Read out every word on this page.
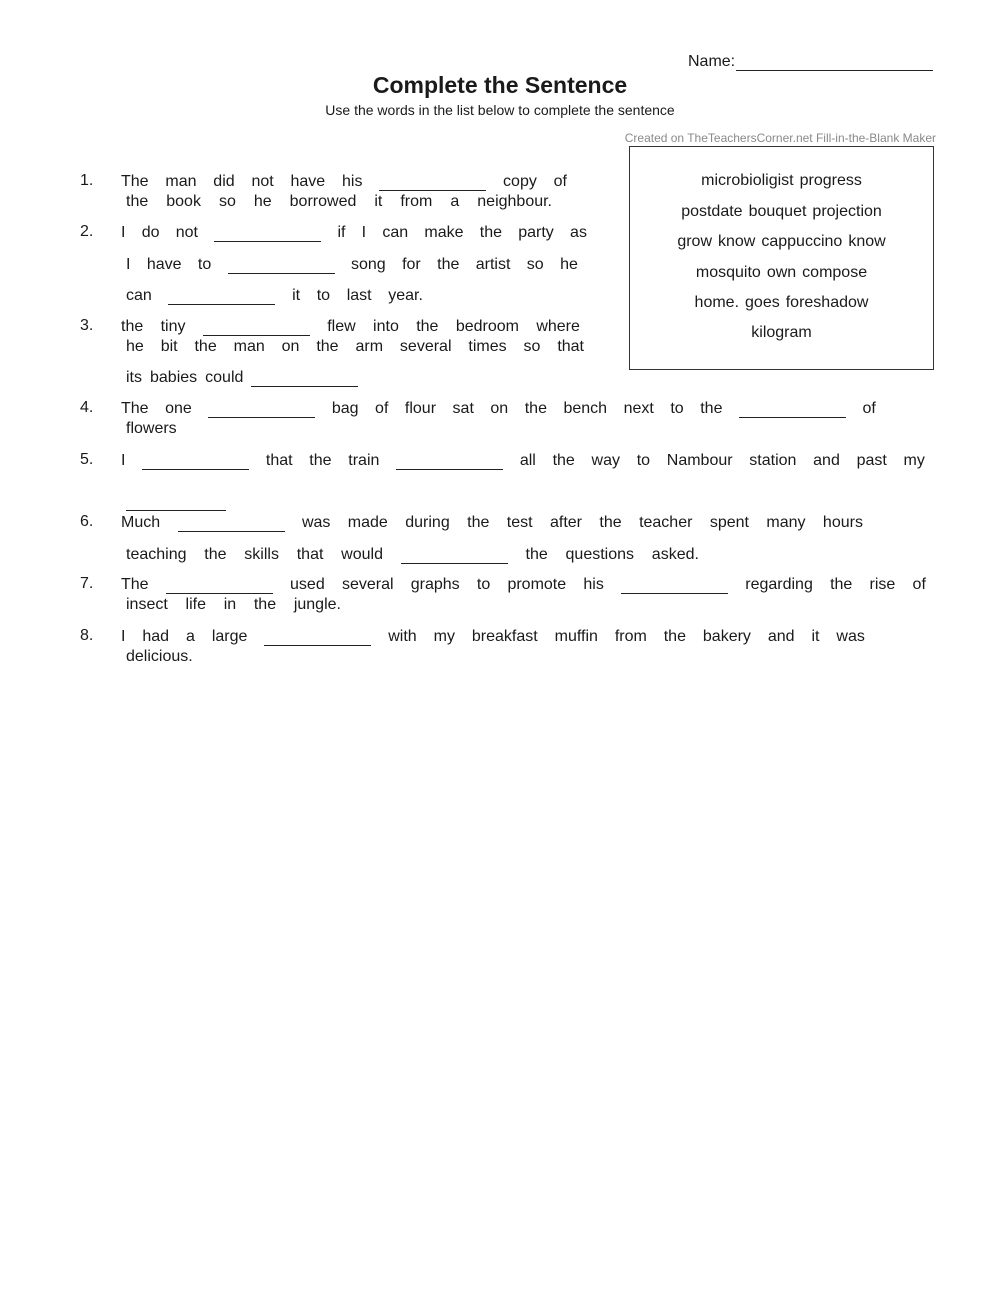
Name:
Complete the Sentence
Use the words in the list below to complete the sentence
Created on TheTeachersCorner.net Fill-in-the-Blank Maker
microbioligist progress
postdate bouquet projection
grow know cappuccino know
mosquito own compose
home. goes foreshadow
kilogram
1. The man did not have his	copy of
the book so he borrowed it from a neighbour.
2. I do not	if I can make the party as
I have to	song for the artist so he
can	it to last year.
3. the tiny	flew into the bedroom where
he bit the man on the arm several times so that
its babies could
4. The one	bag of flour sat on the bench next to the	of
flowers
5. I	that the train	all the way to Nambour station and past my
6. Much	was made during the test after the teacher spent many hours
teaching the skills that would	the questions asked.
7. The	used several graphs to promote his	regarding the rise of
insect life in the jungle.
8. I had a large	with my breakfast muffin from the bakery and it was
delicious.
